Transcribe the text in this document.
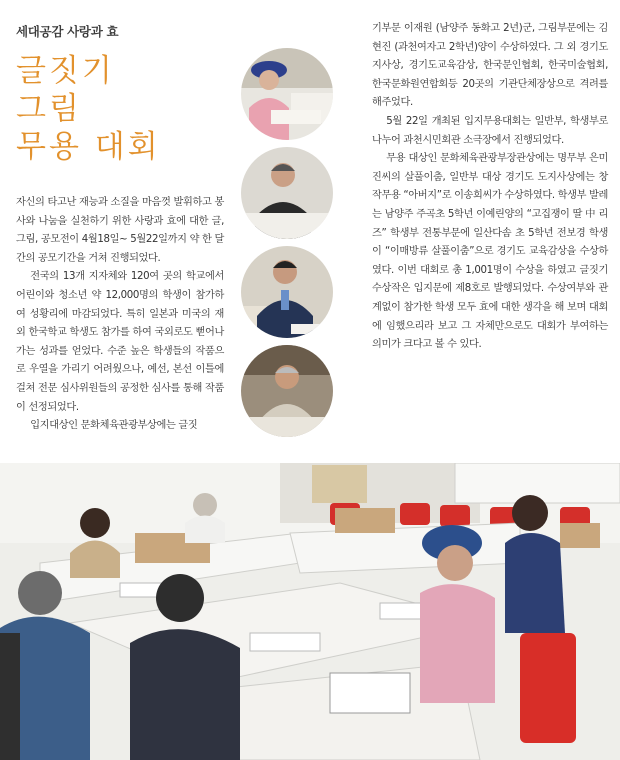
세대공감 사랑과 효
글짓기
그림
무용 대회

자신의 타고난 재능과 소질을 마음껏 발휘하고 봉사와 나눔을 실천하기 위한 사랑과 효에 대한 글, 그림, 공모전이 4월18일~ 5월22일까지 약 한 달간의 공모기간을 거쳐 진행되었다.

전국의 13개 지자체와 120여 곳의 학교에서 어린이와 청소년 약 12,000명의 학생이 참가하여 성황리에 마감되었다. 특히 일본과 미국의 재외 한국학교 학생도 참가를 하여 국외로도 뻗어나가는 성과를 얻었다. 수준 높은 학생들의 작품으로 우열을 가리기 어려웠으나, 예선, 본선 이틀에 걸쳐 전문 심사위원들의 공정한 심사를 통해 작품이 선정되었다.

입지대상인 문화체육관광부상에는 글짓

기부문 이재원 (남양주 동화고 2년)군, 그림부문에는 김현진 (과천여자고 2학년)양이 수상하였다. 그 외 경기도지사상, 경기도교육감상, 한국문인협회, 한국미술협회, 한국문화원연합회등 20곳의 기관단체장상으로 격려를 해주었다.

5월 22일 개최된 입지무용대회는 일반부, 학생부로 나누어 과천시민회관 소극장에서 진행되었다.

무용 대상인 문화체육관광부장관상에는 명무부 은미진씨의 살풀이춤, 일반부 대상 경기도 도지사상에는 창작무용 “아버지”로 이송희씨가 수상하였다. 학생부 발레는 남양주 주곡초 5학년 이예린양의 “고집쟁이 딸 中 리즈” 학생부 전통부문에 일산다솜 초 5학년 전보경 학생이 “이매방류 살풀이춤”으로 경기도 교육감상을 수상하였다. 이번 대회로 총 1,001명이 수상을 하였고 글짓기 수상작은 입지문에 제8호로 발행되었다. 수상여부와 관계없이 참가한 학생 모두 효에 대한 생각을 해 보며 대회에 임했으리라 보고 그 자체만으로도 대회가 부여하는 의미가 크다고 볼 수 있다.
